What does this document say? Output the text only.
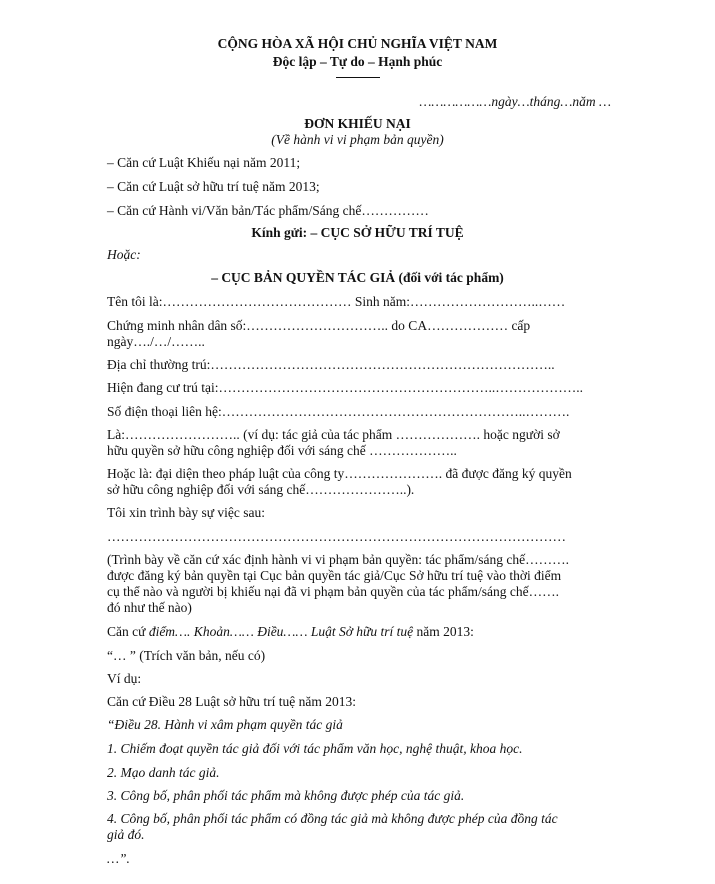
CỘNG HÒA XÃ HỘI CHỦ NGHĨA VIỆT NAM
Độc lập – Tự do – Hạnh phúc
………………ngày…tháng…năm …
ĐƠN KHIẾU NẠI
(Về hành vi vi phạm bản quyền)
– Căn cứ Luật Khiếu nại năm 2011;
– Căn cứ Luật sở hữu trí tuệ năm 2013;
– Căn cứ Hành vi/Văn bản/Tác phẩm/Sáng chế……………
Kính gửi: – CỤC SỞ HỮU TRÍ TUỆ
Hoặc:
– CỤC BẢN QUYỀN TÁC GIẢ (đối với tác phẩm)
Tên tôi là:…………………………………… Sinh năm:………………………..……
Chứng minh nhân dân số:………………………….. do CA……………… cấp
ngày…./…/……..
Địa chỉ thường trú:…………………………………………………………………..
Hiện đang cư trú tại:……………………………………………………..………………..
Số điện thoại liên hệ:…………………………………………………………..……….
Là:…………………….. (ví dụ: tác giả của tác phẩm ………………. hoặc người sở
hữu quyền sở hữu công nghiệp đối với sáng chế ………………..
Hoặc là: đại diện theo pháp luật của công ty…………………. đã được đăng ký quyền
sở hữu công nghiệp đối với sáng chế…………………..).
Tôi xin trình bày sự việc sau:
…………………………………………………………………………………………
(Trình bày về căn cứ xác định hành vi vi phạm bản quyền: tác phẩm/sáng chế……….
được đăng ký bản quyền tại Cục bản quyền tác giả/Cục Sở hữu trí tuệ vào thời điểm
cụ thể nào và người bị khiếu nại đã vi phạm bản quyền của tác phẩm/sáng chế…….
đó như thế nào)
Căn cứ điểm…. Khoản…… Điều…… Luật Sở hữu trí tuệ năm 2013:
“… ” (Trích văn bản, nếu có)
Ví dụ:
Căn cứ Điều 28 Luật sở hữu trí tuệ năm 2013:
“Điều 28. Hành vi xâm phạm quyền tác giả
1. Chiếm đoạt quyền tác giả đối với tác phẩm văn học, nghệ thuật, khoa học.
2. Mạo danh tác giả.
3. Công bố, phân phối tác phẩm mà không được phép của tác giả.
4. Công bố, phân phối tác phẩm có đồng tác giả mà không được phép của đồng tác
giả đó.
…”.
